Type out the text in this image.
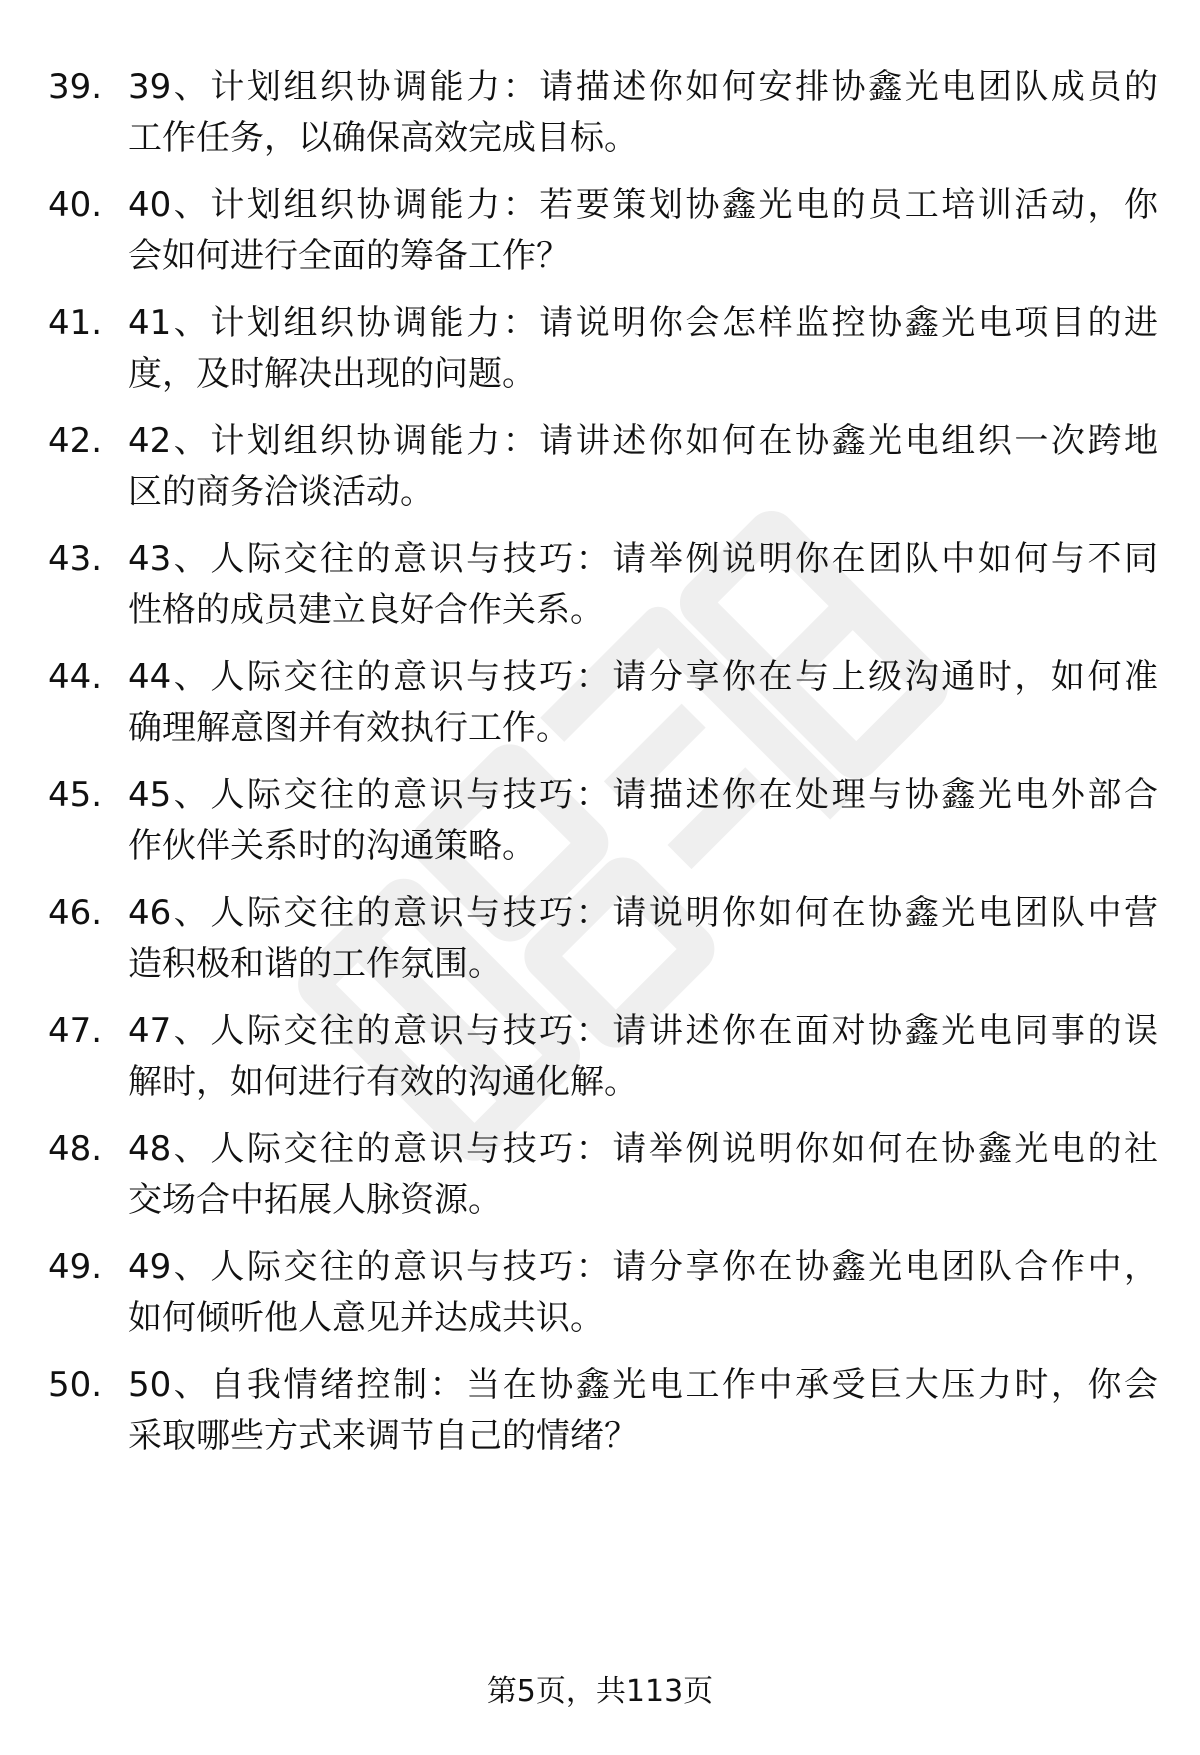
39. 39、计划组织协调能力：请描述你如何安排协鑫光电团队成员的
工作任务，以确保高效完成目标。
40. 40、计划组织协调能力：若要策划协鑫光电的员工培训活动，你
会如何进行全面的筹备工作？
41. 41、计划组织协调能力：请说明你会怎样监控协鑫光电项目的进
度，及时解决出现的问题。
42. 42、计划组织协调能力：请讲述你如何在协鑫光电组织一次跨地
区的商务洽谈活动。
43. 43、人际交往的意识与技巧：请举例说明你在团队中如何与不同
性格的成员建立良好合作关系。
44. 44、人际交往的意识与技巧：请分享你在与上级沟通时，如何准
确理解意图并有效执行工作。
45. 45、人际交往的意识与技巧：请描述你在处理与协鑫光电外部合
作伙伴关系时的沟通策略。
46. 46、人际交往的意识与技巧：请说明你如何在协鑫光电团队中营
造积极和谐的工作氛围。
47. 47、人际交往的意识与技巧：请讲述你在面对协鑫光电同事的误
解时，如何进行有效的沟通化解。
48. 48、人际交往的意识与技巧：请举例说明你如何在协鑫光电的社
交场合中拓展人脉资源。
49. 49、人际交往的意识与技巧：请分享你在协鑫光电团队合作中，
如何倾听他人意见并达成共识。
50. 50、自我情绪控制：当在协鑫光电工作中承受巨大压力时，你会
采取哪些方式来调节自己的情绪？
第5页，共113页
